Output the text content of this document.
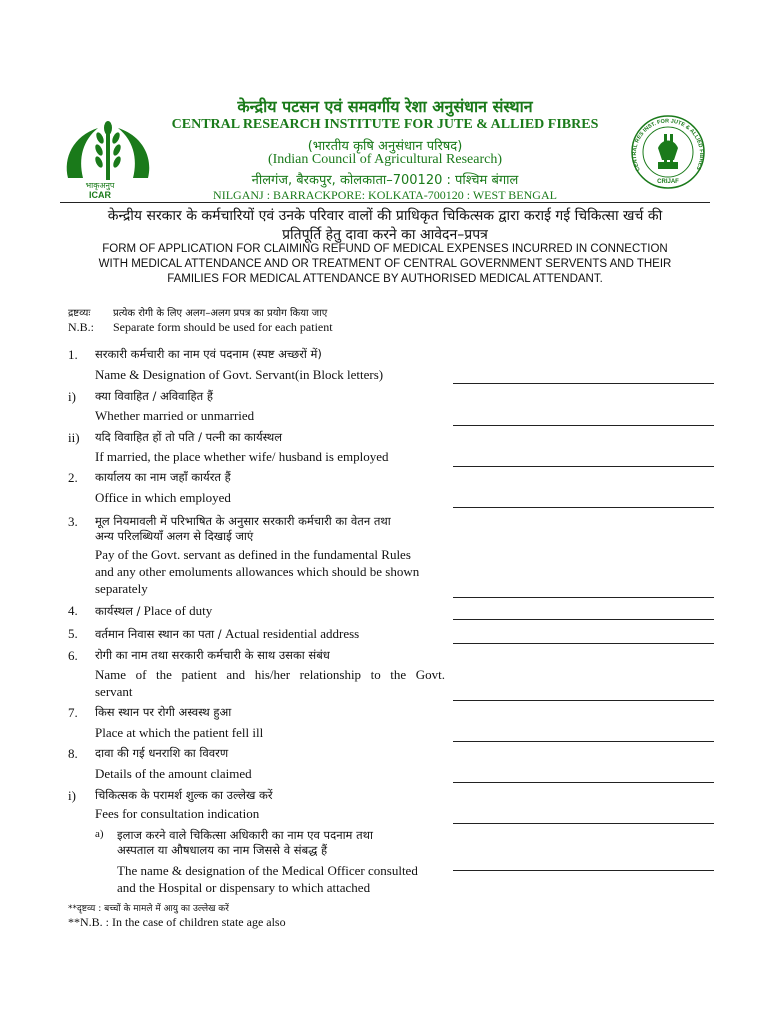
भाकृअनुप
ICAR
CENTRAL RES INST. FOR JUTE & ALLIED FIBRES
CRIJAF
केन्द्रीय पटसन एवं समवर्गीय रेशा अनुसंधान संस्थान
CENTRAL RESEARCH INSTITUTE FOR JUTE & ALLIED FIBRES
(भारतीय कृषि अनुसंधान परिषद)
(Indian Council of Agricultural Research)
नीलगंज, बैरकपुर, कोलकाता–700120 : पश्चिम बंगाल
NILGANJ : BARRACKPORE: KOLKATA-700120 : WEST BENGAL
केन्द्रीय सरकार के कर्मचारियों एवं उनके परिवार वालों की प्राधिकृत चिकित्सक द्वारा कराई गई चिकित्सा खर्च की
प्रतिपूर्ति हेतु दावा करने का आवेदन–प्रपत्र
FORM OF APPLICATION FOR CLAIMING REFUND OF MEDICAL EXPENSES INCURRED IN CONNECTION
WITH MEDICAL ATTENDANCE AND OR TREATMENT OF CENTRAL GOVERNMENT SERVENTS AND THEIR
FAMILIES FOR MEDICAL ATTENDANCE BY AUTHORISED MEDICAL ATTENDANT.
द्रष्टव्यः प्रत्येक रोगी के लिए अलग–अलग प्रपत्र का प्रयोग किया जाए
N.B.: Separate form should be used for each patient
1. सरकारी कर्मचारी का नाम एवं पदनाम (स्पष्ट अच्छरों में)
Name & Designation of Govt. Servant(in Block letters)
i) क्या विवाहित / अविवाहित हैं
Whether married or unmarried
ii) यदि विवाहित हों तो पति / पत्नी का कार्यस्थल
If married, the place whether wife/ husband is employed
2. कार्यालय का नाम जहाँ कार्यरत हैं
Office in which employed
3. मूल नियमावली में परिभाषित के अनुसार सरकारी कर्मचारी का वेतन तथा
अन्य परिलब्धियाँ अलग से दिखाई जाएं
Pay of the Govt. servant as defined in the fundamental Rules
and any other emoluments allowances which should be shown
separately
4. कार्यस्थल / Place of duty
5. वर्तमान निवास स्थान का पता / Actual residential address
6. रोगी का नाम तथा सरकारी कर्मचारी के साथ उसका संबंध
Name of the patient and his/her relationship to the Govt.
servant
7. किस स्थान पर रोगी अस्वस्थ हुआ
Place at which the patient fell ill
8. दावा की गई धनराशि का विवरण
Details of the amount claimed
i) चिकित्सक के परामर्श शुल्क का उल्लेख करें
Fees for consultation indication
a) इलाज करने वाले चिकित्सा अधिकारी का नाम एव पदनाम तथा
अस्पताल या औषधालय का नाम जिससे वे संबद्ध हैं
The name & designation of the Medical Officer consulted
and the Hospital or dispensary to which attached
**दृष्टव्य : बच्चों के मामले में आयु का उल्लेख करें
**N.B. : In the case of children state age also
